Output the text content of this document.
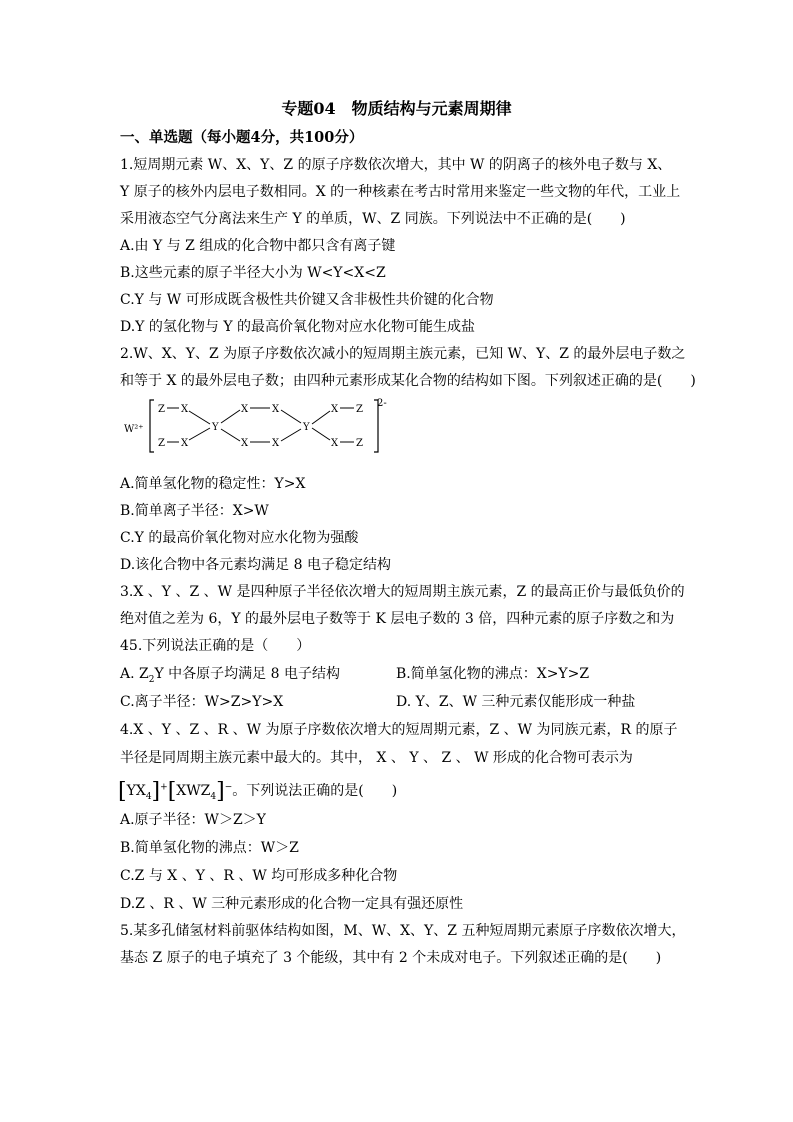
专题04　物质结构与元素周期律
一、单选题（每小题4分，共100分）
1.短周期元素 W、X、Y、Z 的原子序数依次增大，其中 W 的阴离子的核外电子数与 X、
Y 原子的核外内层电子数相同。X 的一种核素在考古时常用来鉴定一些文物的年代，工业上
采用液态空气分离法来生产 Y 的单质，W、Z 同族。下列说法中不正确的是(　　)
A.由 Y 与 Z 组成的化合物中都只含有离子键
B.这些元素的原子半径大小为 W<Y<X<Z
C.Y 与 W 可形成既含极性共价键又含非极性共价键的化合物
D.Y 的氢化物与 Y 的最高价氧化物对应水化物可能生成盐
2.W、X、Y、Z 为原子序数依次减小的短周期主族元素，已知 W、Y、Z 的最外层电子数之
和等于 X 的最外层电子数；由四种元素形成某化合物的结构如下图。下列叙述正确的是(　　)
W²⁺
2-
Z X
Z X
Y
X X
X X
Y
X Z
X Z
A.简单氢化物的稳定性：Y>X
B.简单离子半径：X>W
C.Y 的最高价氧化物对应水化物为强酸
D.该化合物中各元素均满足 8 电子稳定结构
3.X 、Y 、Z 、W 是四种原子半径依次增大的短周期主族元素，Z 的最高正价与最低负价的
绝对值之差为 6，Y 的最外层电子数等于 K 层电子数的 3 倍，四种元素的原子序数之和为
45.下列说法正确的是（　　）
A. $Z_2Y$ 中各原子均满足 8 电子结构	B.简单氢化物的沸点：X>Y>Z
C.离子半径：W>Z>Y>X	D. Y、Z、W 三种元素仅能形成一种盐
4.X 、Y 、Z 、R 、W 为原子序数依次增大的短周期元素，Z 、W 为同族元素，R 的原子
半径是同周期主族元素中最大的。其中， X 、 Y 、 Z 、 W 形成的化合物可表示为
$[YX_4]^+[XWZ_4]^-$。下列说法正确的是(　　)
A.原子半径：W＞Z＞Y
B.简单氢化物的沸点：W＞Z
C.Z 与 X 、Y 、R 、W 均可形成多种化合物
D.Z 、R 、W 三种元素形成的化合物一定具有强还原性
5.某多孔储氢材料前驱体结构如图，M、W、X、Y、Z 五种短周期元素原子序数依次增大，
基态 Z 原子的电子填充了 3 个能级，其中有 2 个未成对电子。下列叙述正确的是(　　)
